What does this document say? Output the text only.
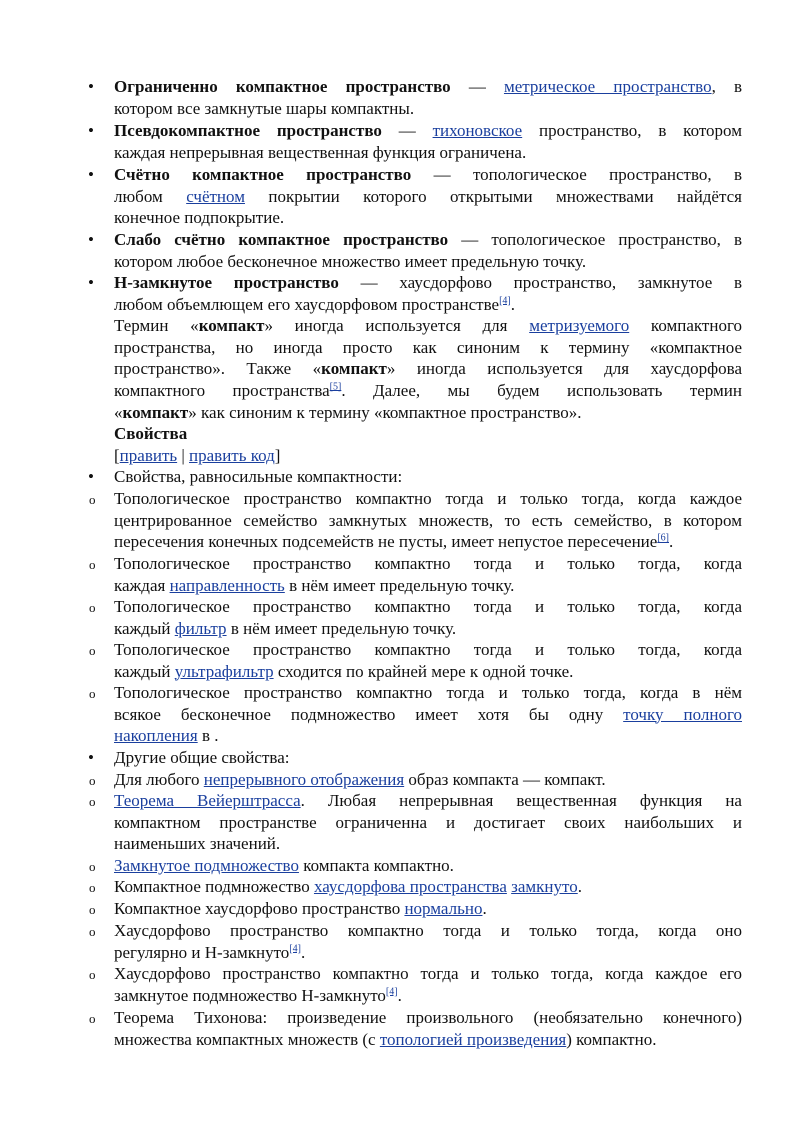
• Ограниченно компактное пространство — метрическое пространство, в
котором все замкнутые шары компактны.
• Псевдокомпактное пространство — тихоновское пространство, в котором
каждая непрерывная вещественная функция ограничена.
• Счётно компактное пространство — топологическое пространство, в
любом счётном покрытии которого открытыми множествами найдётся
конечное подпокрытие.
• Слабо счётно компактное пространство — топологическое пространство, в
котором любое бесконечное множество имеет предельную точку.
• H-замкнутое пространство — хаусдорфово пространство, замкнутое в
любом объемлющем его хаусдорфовом пространстве[4].
Термин «компакт» иногда используется для метризуемого компактного
пространства, но иногда просто как синоним к термину «компактное
пространство». Также «компакт» иногда используется для хаусдорфова
компактного пространства[5]. Далее, мы будем использовать термин
«компакт» как синоним к термину «компактное пространство».
Свойства
[править | править код]
• Свойства, равносильные компактности:
o Топологическое пространство компактно тогда и только тогда, когда каждое
центрированное семейство замкнутых множеств, то есть семейство, в котором
пересечения конечных подсемейств не пусты, имеет непустое пересечение[6].
o Топологическое пространство компактно тогда и только тогда, когда
каждая направленность в нём имеет предельную точку.
o Топологическое пространство компактно тогда и только тогда, когда
каждый фильтр в нём имеет предельную точку.
o Топологическое пространство компактно тогда и только тогда, когда
каждый ультрафильтр сходится по крайней мере к одной точке.
o Топологическое пространство компактно тогда и только тогда, когда в нём
всякое бесконечное подмножество имеет хотя бы одну точку полного
накопления в .
• Другие общие свойства:
o Для любого непрерывного отображения образ компакта — компакт.
o Теорема Вейерштрасса. Любая непрерывная вещественная функция на
компактном пространстве ограниченна и достигает своих наибольших и
наименьших значений.
o Замкнутое подмножество компакта компактно.
o Компактное подмножество хаусдорфова пространства замкнуто.
o Компактное хаусдорфово пространство нормально.
o Хаусдорфово пространство компактно тогда и только тогда, когда оно
регулярно и H-замкнуто[4].
o Хаусдорфово пространство компактно тогда и только тогда, когда каждое его
замкнутое подмножество H-замкнуто[4].
o Теорема Тихонова: произведение произвольного (необязательно конечного)
множества компактных множеств (с топологией произведения) компактно.
